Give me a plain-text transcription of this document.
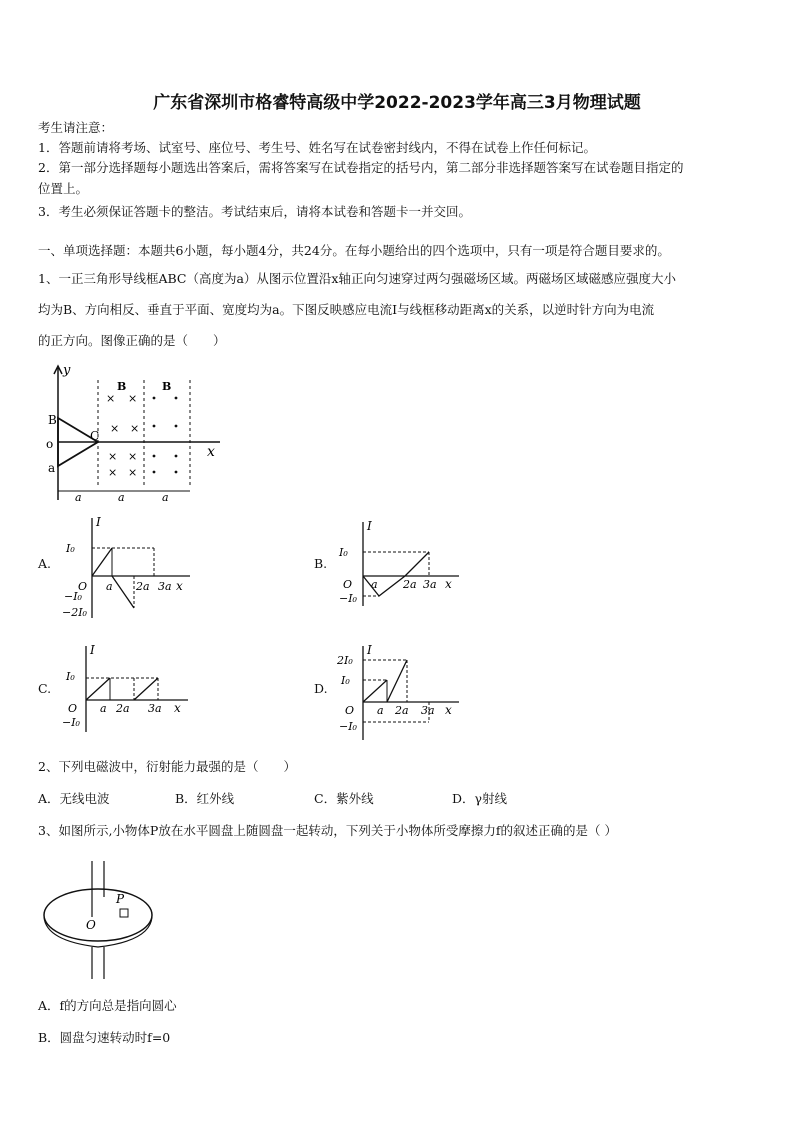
广东省深圳市格睿特高级中学2022-2023学年高三3月物理试题
考生请注意：
1．答题前请将考场、试室号、座位号、考生号、姓名写在试卷密封线内，不得在试卷上作任何标记。
2．第一部分选择题每小题选出答案后，需将答案写在试卷指定的括号内，第二部分非选择题答案写在试卷题目指定的
位置上。
3．考生必须保证答题卡的整洁。考试结束后，请将本试卷和答题卡一并交回。
一、单项选择题：本题共6小题，每小题4分，共24分。在每小题给出的四个选项中，只有一项是符合题目要求的。
1、一正三角形导线框ABC（高度为a）从图示位置沿x轴正向匀速穿过两匀强磁场区域。两磁场区域磁感应强度大小
均为B、方向相反、垂直于平面、宽度均为a。下图反映感应电流I与线框移动距离x的关系，以逆时针方向为电流
的正方向。图像正确的是（　　）
y
x
B
o
a
C
B	B
× ×
× ×
× ×
× ×
a	a	a
A.
I
x
I₀
O a 2a 3a
−I₀
−2I₀
B.
I
x
I₀
O a 2a 3a
−I₀
C.
I
x
I₀
O a 2a 3a
−I₀
D.
I
x
2I₀
I₀
O a 2a 3a
−I₀
2、下列电磁波中，衍射能力最强的是（　　）
A．无线电波	B．红外线	C．紫外线	D．γ射线
3、如图所示,小物体P放在水平圆盘上随圆盘一起转动，下列关于小物体所受摩擦力f的叙述正确的是（ ）
O
P
A．f的方向总是指向圆心
B．圆盘匀速转动时f=0
